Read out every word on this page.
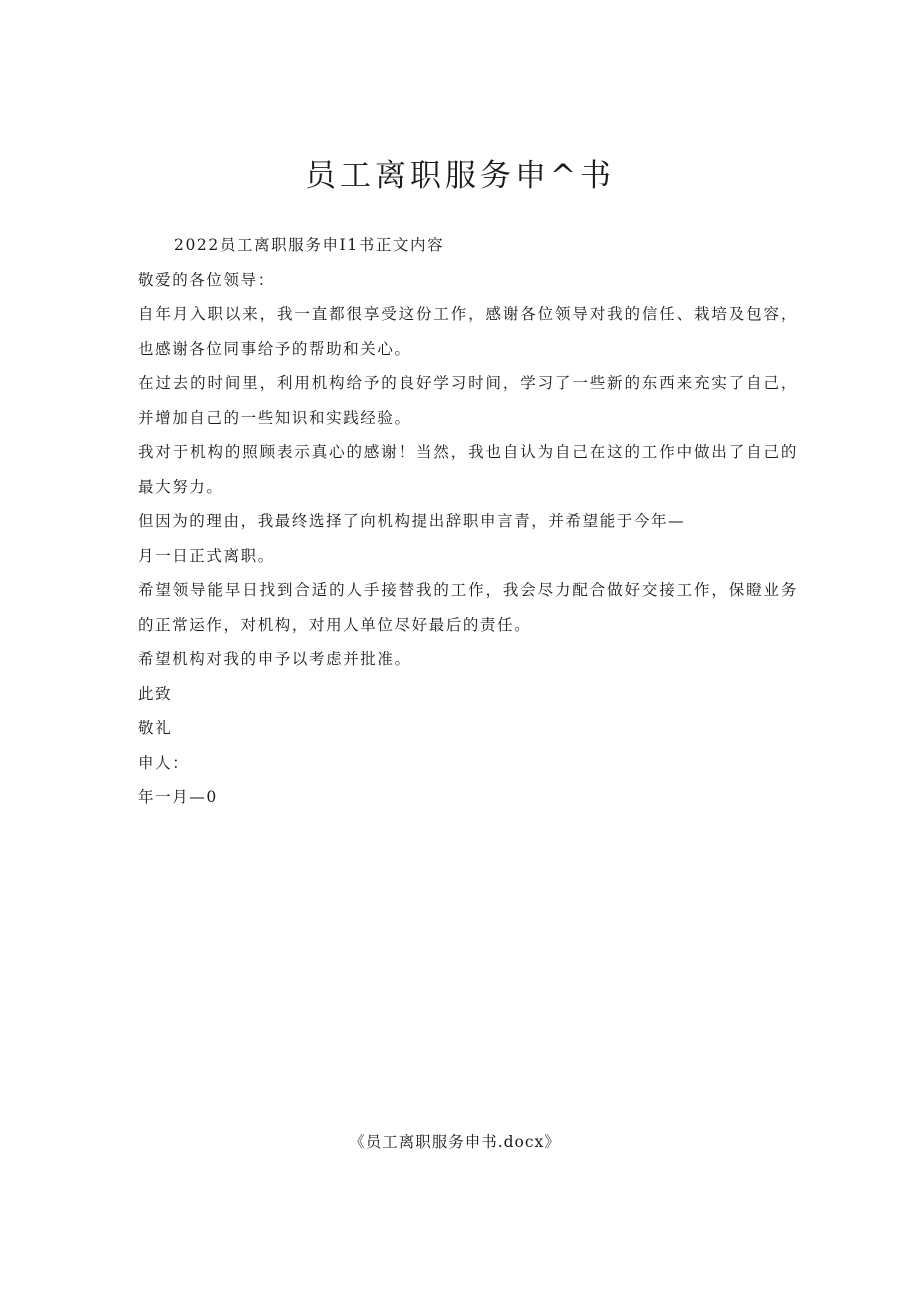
员工离职服务申^书

2022员工离职服务申I1书正文内容

敬爱的各位领导：

自年月入职以来，我一直都很享受这份工作，感谢各位领导对我的信任、栽培及包容，也感谢各位同事给予的帮助和关心。

在过去的时间里，利用机构给予的良好学习时间，学习了一些新的东西来充实了自己，并增加自己的一些知识和实践经验。

我对于机构的照顾表示真心的感谢！当然，我也自认为自己在这的工作中做出了自己的最大努力。

但因为的理由，我最终选择了向机构提出辞职申言青，并希望能于今年—

月一日正式离职。

希望领导能早日找到合适的人手接替我的工作，我会尽力配合做好交接工作，保瞪业务的正常运作，对机构，对用人单位尽好最后的责任。

希望机构对我的申予以考虑并批准。

此致

敬礼

申人：

年一月—0

《员工离职服务申书.docx》
